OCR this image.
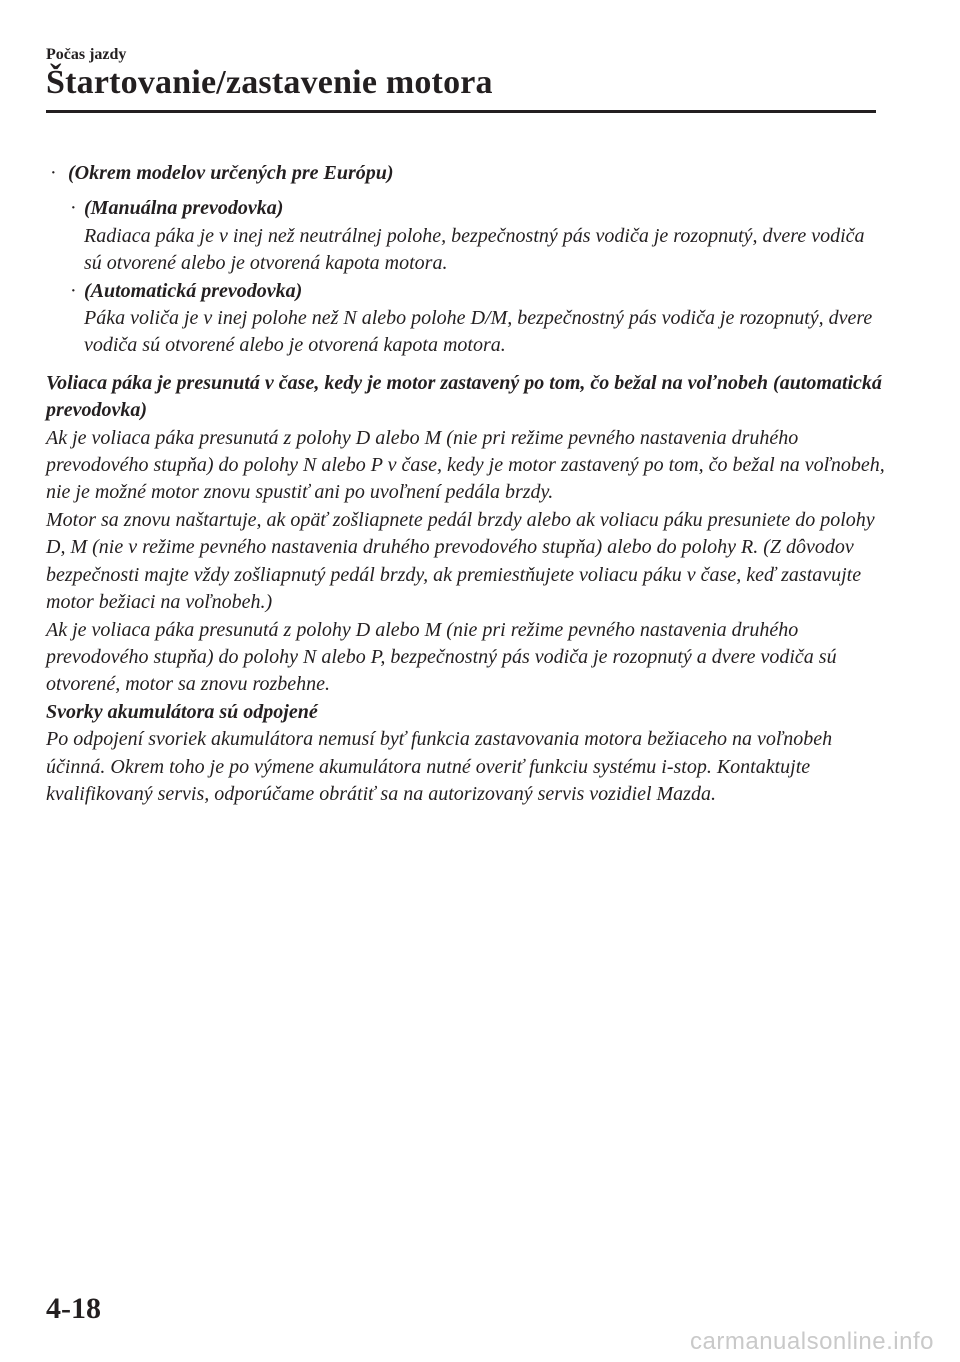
Počas jazdy
Štartovanie/zastavenie motora
· (Okrem modelov určených pre Európu)
· (Manuálna prevodovka)
Radiaca páka je v inej než neutrálnej polohe, bezpečnostný pás vodiča je rozopnutý, dvere vodiča sú otvorené alebo je otvorená kapota motora.
· (Automatická prevodovka)
Páka voliča je v inej polohe než N alebo polohe D/M, bezpečnostný pás vodiča je rozopnutý, dvere vodiča sú otvorené alebo je otvorená kapota motora.

Voliaca páka je presunutá v čase, kedy je motor zastavený po tom, čo bežal na voľnobeh (automatická prevodovka)

Ak je voliaca páka presunutá z polohy D alebo M (nie pri režime pevného nastavenia druhého prevodového stupňa) do polohy N alebo P v čase, kedy je motor zastavený po tom, čo bežal na voľnobeh, nie je možné motor znovu spustiť ani po uvoľnení pedála brzdy.

Motor sa znovu naštartuje, ak opäť zošliapnete pedál brzdy alebo ak voliacu páku presuniete do polohy D, M (nie v režime pevného nastavenia druhého prevodového stupňa) alebo do polohy R. (Z dôvodov bezpečnosti majte vždy zošliapnutý pedál brzdy, ak premiestňujete voliacu páku v čase, keď zastavujte motor bežiaci na voľnobeh.)

Ak je voliaca páka presunutá z polohy D alebo M (nie pri režime pevného nastavenia druhého prevodového stupňa) do polohy N alebo P, bezpečnostný pás vodiča je rozopnutý a dvere vodiča sú otvorené, motor sa znovu rozbehne.

Svorky akumulátora sú odpojené

Po odpojení svoriek akumulátora nemusí byť funkcia zastavovania motora bežiaceho na voľnobeh účinná. Okrem toho je po výmene akumulátora nutné overiť funkciu systému i-stop. Kontaktujte kvalifikovaný servis, odporúčame obrátiť sa na autorizovaný servis vozidiel Mazda.

4-18
carmanualsonline.info
